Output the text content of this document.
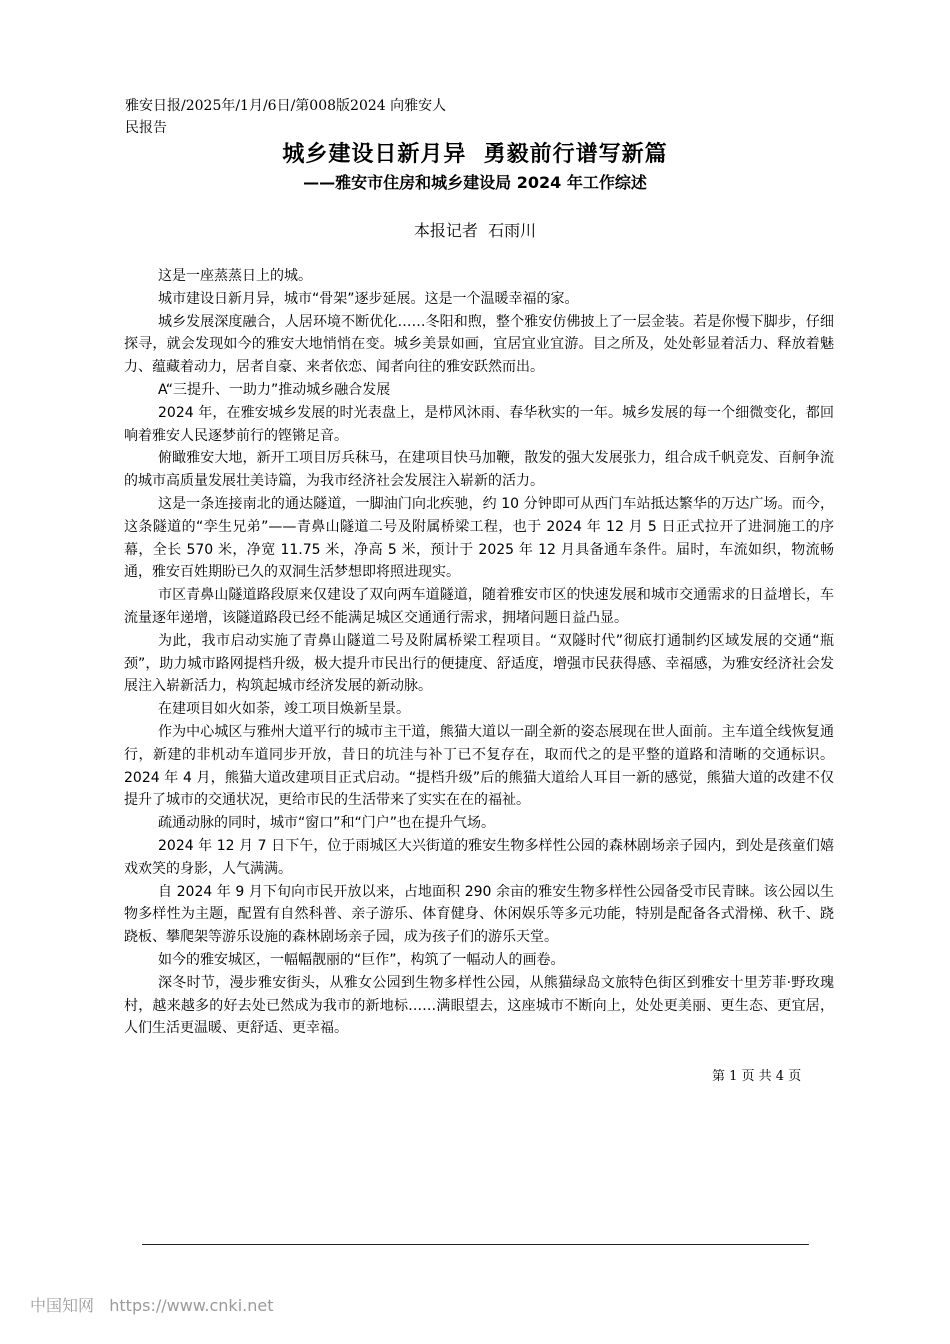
雅安日报/2025年/1月/6日/第008版2024 向雅安人民报告
城乡建设日新月异  勇毅前行谱写新篇
——雅安市住房和城乡建设局 2024 年工作综述
本报记者  石雨川

这是一座蒸蒸日上的城。

城市建设日新月异，城市“骨架”逐步延展。这是一个温暖幸福的家。

城乡发展深度融合，人居环境不断优化……冬阳和煦，整个雅安仿佛披上了一层金装。若是你慢下脚步，仔细探寻，就会发现如今的雅安大地悄悄在变。城乡美景如画，宜居宜业宜游。目之所及，处处彰显着活力、释放着魅力、蕴藏着动力，居者自豪、来者依恋、闻者向往的雅安跃然而出。

A“三提升、一助力”推动城乡融合发展

2024 年，在雅安城乡发展的时光表盘上，是栉风沐雨、春华秋实的一年。城乡发展的每一个细微变化，都回响着雅安人民逐梦前行的铿锵足音。

俯瞰雅安大地，新开工项目厉兵秣马，在建项目快马加鞭，散发的强大发展张力，组合成千帆竞发、百舸争流的城市高质量发展壮美诗篇，为我市经济社会发展注入崭新的活力。

这是一条连接南北的通达隧道，一脚油门向北疾驰，约 10 分钟即可从西门车站抵达繁华的万达广场。而今，这条隧道的“孪生兄弟”——青鼻山隧道二号及附属桥梁工程，也于 2024 年 12 月 5 日正式拉开了进洞施工的序幕，全长 570 米，净宽 11.75 米，净高 5 米，预计于 2025 年 12 月具备通车条件。届时，车流如织，物流畅通，雅安百姓期盼已久的双洞生活梦想即将照进现实。

市区青鼻山隧道路段原来仅建设了双向两车道隧道，随着雅安市区的快速发展和城市交通需求的日益增长，车流量逐年递增，该隧道路段已经不能满足城区交通通行需求，拥堵问题日益凸显。

为此，我市启动实施了青鼻山隧道二号及附属桥梁工程项目。“双隧时代”彻底打通制约区域发展的交通“瓶颈”，助力城市路网提档升级，极大提升市民出行的便捷度、舒适度，增强市民获得感、幸福感，为雅安经济社会发展注入崭新活力，构筑起城市经济发展的新动脉。

在建项目如火如荼，竣工项目焕新呈景。

作为中心城区与雅州大道平行的城市主干道，熊猫大道以一副全新的姿态展现在世人面前。主车道全线恢复通行，新建的非机动车道同步开放，昔日的坑洼与补丁已不复存在，取而代之的是平整的道路和清晰的交通标识。2024 年 4 月，熊猫大道改建项目正式启动。“提档升级”后的熊猫大道给人耳目一新的感觉，熊猫大道的改建不仅提升了城市的交通状况，更给市民的生活带来了实实在在的福祉。

疏通动脉的同时，城市“窗口”和“门户”也在提升气场。

2024 年 12 月 7 日下午，位于雨城区大兴街道的雅安生物多样性公园的森林剧场亲子园内，到处是孩童们嬉戏欢笑的身影，人气满满。

自 2024 年 9 月下旬向市民开放以来，占地面积 290 余亩的雅安生物多样性公园备受市民青睐。该公园以生物多样性为主题，配置有自然科普、亲子游乐、体育健身、休闲娱乐等多元功能，特别是配备各式滑梯、秋千、跷跷板、攀爬架等游乐设施的森林剧场亲子园，成为孩子们的游乐天堂。

如今的雅安城区，一幅幅靓丽的“巨作”，构筑了一幅动人的画卷。

深冬时节，漫步雅安街头，从雅女公园到生物多样性公园，从熊猫绿岛文旅特色街区到雅安十里芳菲·野玫瑰村，越来越多的好去处已然成为我市的新地标……满眼望去，这座城市不断向上，处处更美丽、更生态、更宜居，人们生活更温暖、更舒适、更幸福。

第 1 页 共 4 页
中国知网   https://www.cnki.net
